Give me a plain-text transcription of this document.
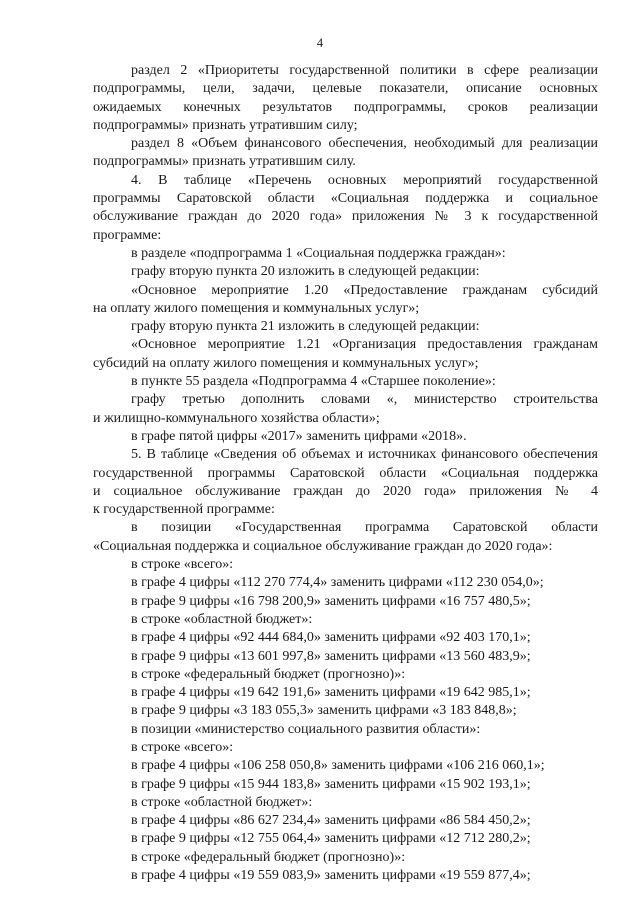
4
раздел 2 «Приоритеты государственной политики в сфере реализации
подпрограммы, цели, задачи, целевые показатели, описание основных
ожидаемых конечных результатов подпрограммы, сроков реализации
подпрограммы» признать утратившим силу;
раздел 8 «Объем финансового обеспечения, необходимый для реализации
подпрограммы» признать утратившим силу.
4. В таблице «Перечень основных мероприятий государственной
программы Саратовской области «Социальная поддержка и социальное
обслуживание граждан до 2020 года» приложения № 3 к государственной
программе:
в разделе «подпрограмма 1 «Социальная поддержка граждан»:
графу вторую пункта 20 изложить в следующей редакции:
«Основное мероприятие 1.20 «Предоставление гражданам субсидий
на оплату жилого помещения и коммунальных услуг»;
графу вторую пункта 21 изложить в следующей редакции:
«Основное мероприятие 1.21 «Организация предоставления гражданам
субсидий на оплату жилого помещения и коммунальных услуг»;
в пункте 55 раздела «Подпрограмма 4 «Старшее поколение»:
графу третью дополнить словами «, министерство строительства
и жилищно-коммунального хозяйства области»;
в графе пятой цифры «2017» заменить цифрами «2018».
5. В таблице «Сведения об объемах и источниках финансового обеспечения
государственной программы Саратовской области «Социальная поддержка
и социальное обслуживание граждан до 2020 года» приложения № 4
к государственной программе:
в позиции «Государственная программа Саратовской области
«Социальная поддержка и социальное обслуживание граждан до 2020 года»:
в строке «всего»:
в графе 4 цифры «112 270 774,4» заменить цифрами «112 230 054,0»;
в графе 9 цифры «16 798 200,9» заменить цифрами «16 757 480,5»;
в строке «областной бюджет»:
в графе 4 цифры «92 444 684,0» заменить цифрами «92 403 170,1»;
в графе 9 цифры «13 601 997,8» заменить цифрами «13 560 483,9»;
в строке «федеральный бюджет (прогнозно)»:
в графе 4 цифры «19 642 191,6» заменить цифрами «19 642 985,1»;
в графе 9 цифры «3 183 055,3» заменить цифрами «3 183 848,8»;
в позиции «министерство социального развития области»:
в строке «всего»:
в графе 4 цифры «106 258 050,8» заменить цифрами «106 216 060,1»;
в графе 9 цифры «15 944 183,8» заменить цифрами «15 902 193,1»;
в строке «областной бюджет»:
в графе 4 цифры «86 627 234,4» заменить цифрами «86 584 450,2»;
в графе 9 цифры «12 755 064,4» заменить цифрами «12 712 280,2»;
в строке «федеральный бюджет (прогнозно)»:
в графе 4 цифры «19 559 083,9» заменить цифрами «19 559 877,4»;
